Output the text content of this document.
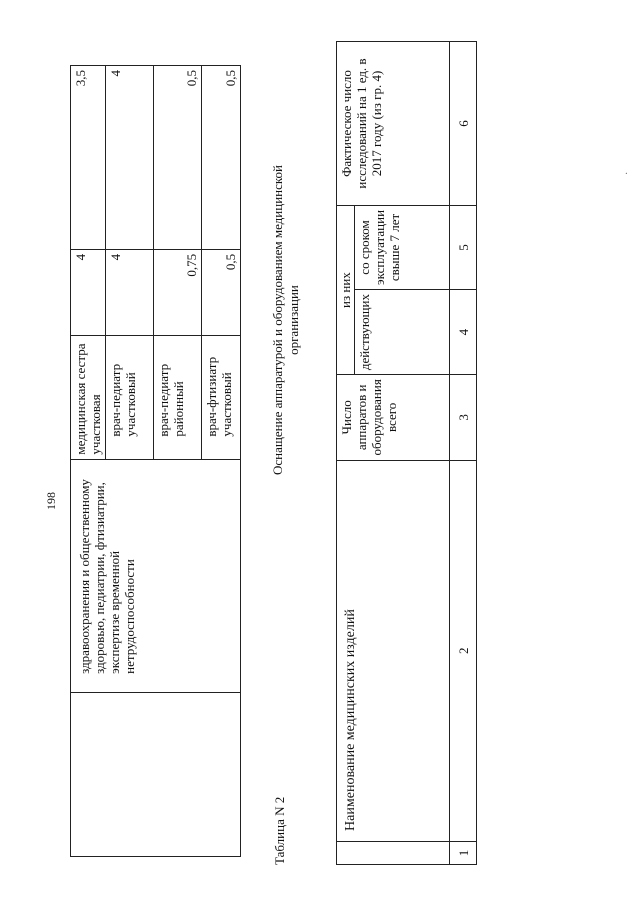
198
	здравоохранения и общественному здоровью, педиатрии, фтизиатрии, экспертизе временной нетрудоспособности	медицинская сестра участковая	4	3,5
		врач-педиатр участковый	4	4
		врач-педиатр районный	0,75	0,5
		врач-фтизиатр участковый	0,5	0,5
Таблица N 2
Оснащение аппаратурой и оборудованием медицинской организации
	Наименование медицинских изделий	Число аппаратов и оборудования всего	из них		Фактическое число исследований на 1 ед. в 2017 году (из гр. 4)
			действующих	со сроком эксплуатации свыше 7 лет	
1	2	3	4	5	6
·
